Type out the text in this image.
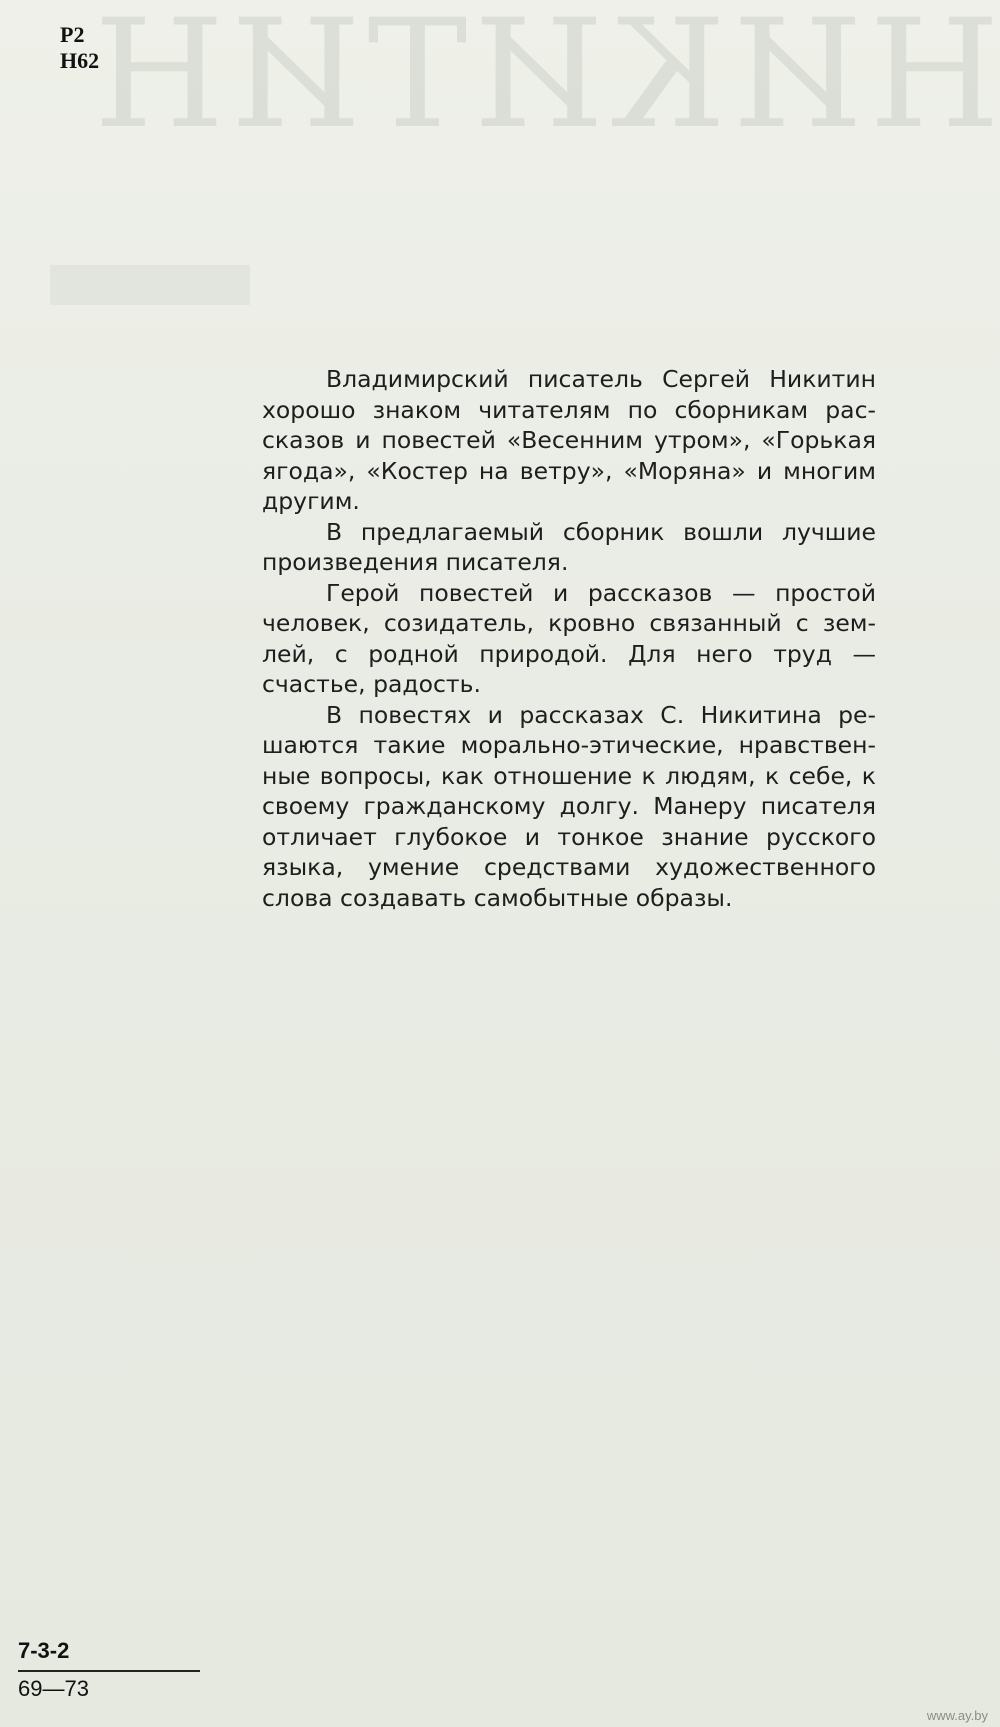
НИКИТИН
Р2
Н62

Владимирский писатель Сергей Никитин хорошо знаком читателям по сборникам рассказов и повестей «Весенним утром», «Горькая ягода», «Костер на ветру», «Моряна» и многим другим.

В предлагаемый сборник вошли лучшие произведения писателя.

Герой повестей и рассказов — простой человек, созидатель, кровно связанный с землей, с родной природой. Для него труд — счастье, радость.

В повестях и рассказах С. Никитина решаются такие морально-этические, нравственные вопросы, как отношение к людям, к себе, к своему гражданскому долгу. Манеру писателя отличает глубокое и тонкое знание русского языка, умение средствами художественного слова создавать самобытные образы.

7-3-2
69—73
www.ay.by
